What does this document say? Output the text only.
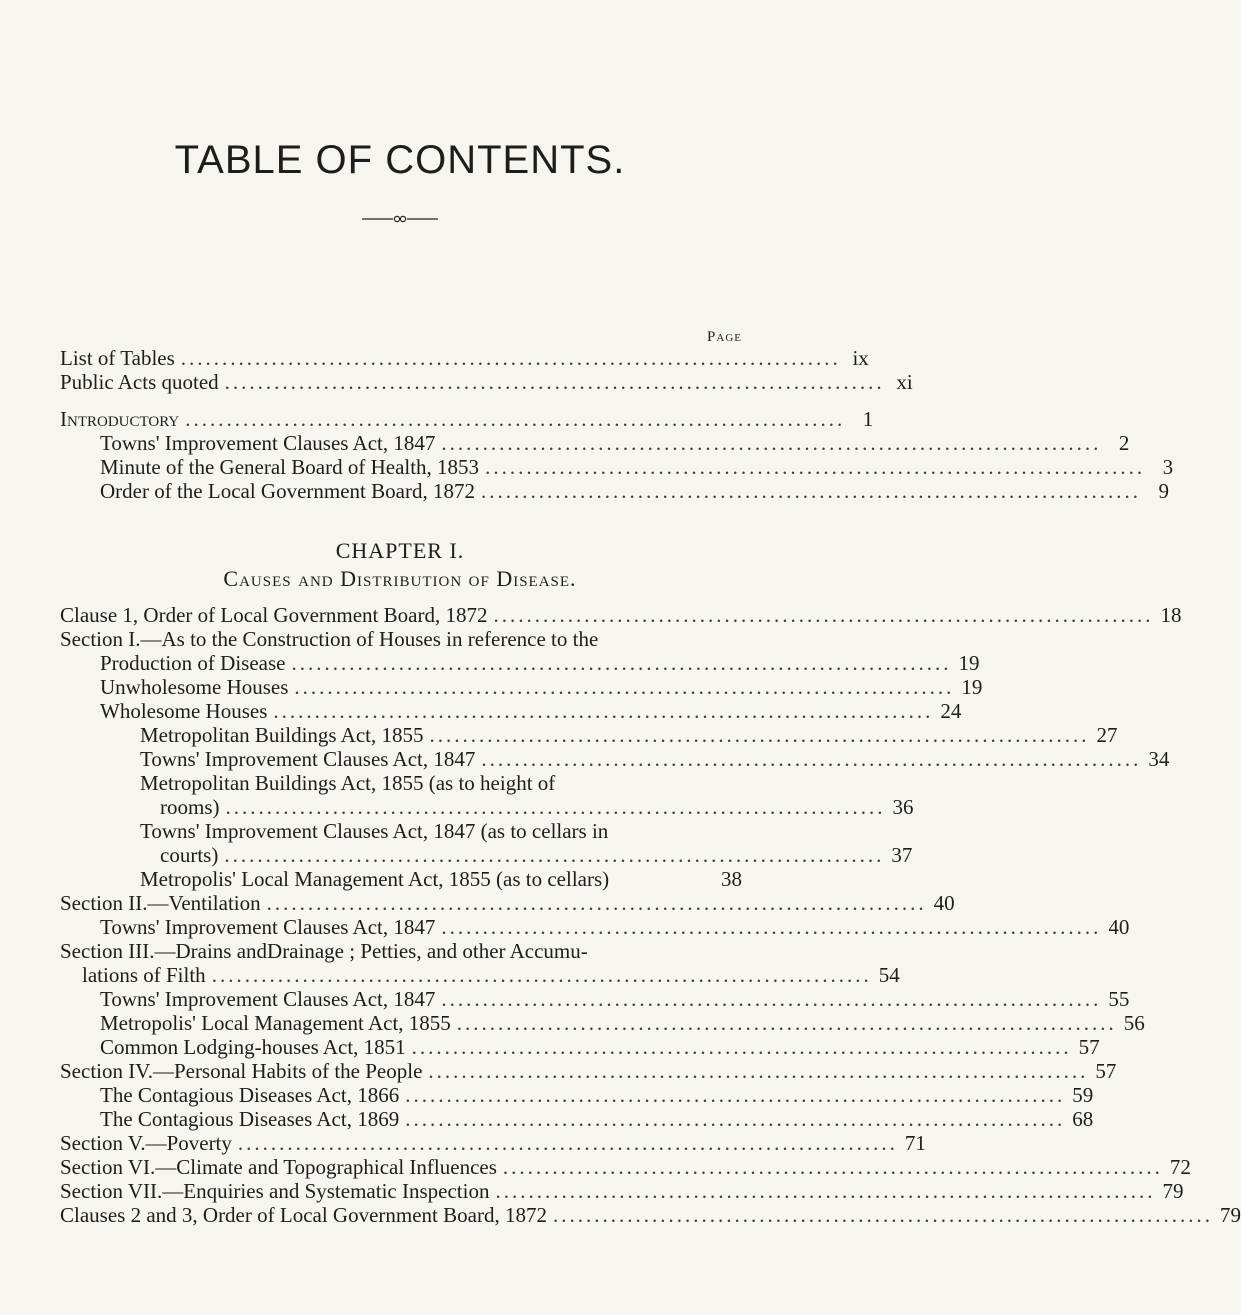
TABLE OF CONTENTS.
Page
List of Tables ................................................................................ ix
Public Acts quoted ................................................................................ xi
Introductory ................................................................................ 1
Towns' Improvement Clauses Act, 1847 ................................................................................ 2
Minute of the General Board of Health, 1853 ................................................................................ 3
Order of the Local Government Board, 1872 ................................................................................ 9
CHAPTER I.
Causes and Distribution of Disease.
Clause 1, Order of Local Government Board, 1872 ................................................................................ 18
Section I.—As to the Construction of Houses in reference to the
Production of Disease ................................................................................ 19
Unwholesome Houses ................................................................................ 19
Wholesome Houses ................................................................................ 24
Metropolitan Buildings Act, 1855 ................................................................................ 27
Towns' Improvement Clauses Act, 1847 ................................................................................ 34
Metropolitan Buildings Act, 1855 (as to height of
rooms) ................................................................................ 36
Towns' Improvement Clauses Act, 1847 (as to cellars in
courts) ................................................................................ 37
Metropolis' Local Management Act, 1855 (as to cellars)	38
Section II.—Ventilation ................................................................................ 40
Towns' Improvement Clauses Act, 1847 ................................................................................ 40
Section III.—Drains andDrainage ; Petties, and other Accumu-
lations of Filth ................................................................................ 54
Towns' Improvement Clauses Act, 1847 ................................................................................ 55
Metropolis' Local Management Act, 1855 ................................................................................ 56
Common Lodging-houses Act, 1851 ................................................................................ 57
Section IV.—Personal Habits of the People ................................................................................ 57
The Contagious Diseases Act, 1866 ................................................................................ 59
The Contagious Diseases Act, 1869 ................................................................................ 68
Section V.—Poverty ................................................................................ 71
Section VI.—Climate and Topographical Influences ................................................................................ 72
Section VII.—Enquiries and Systematic Inspection ................................................................................ 79
Clauses 2 and 3, Order of Local Government Board, 1872 ................................................................................ 79
